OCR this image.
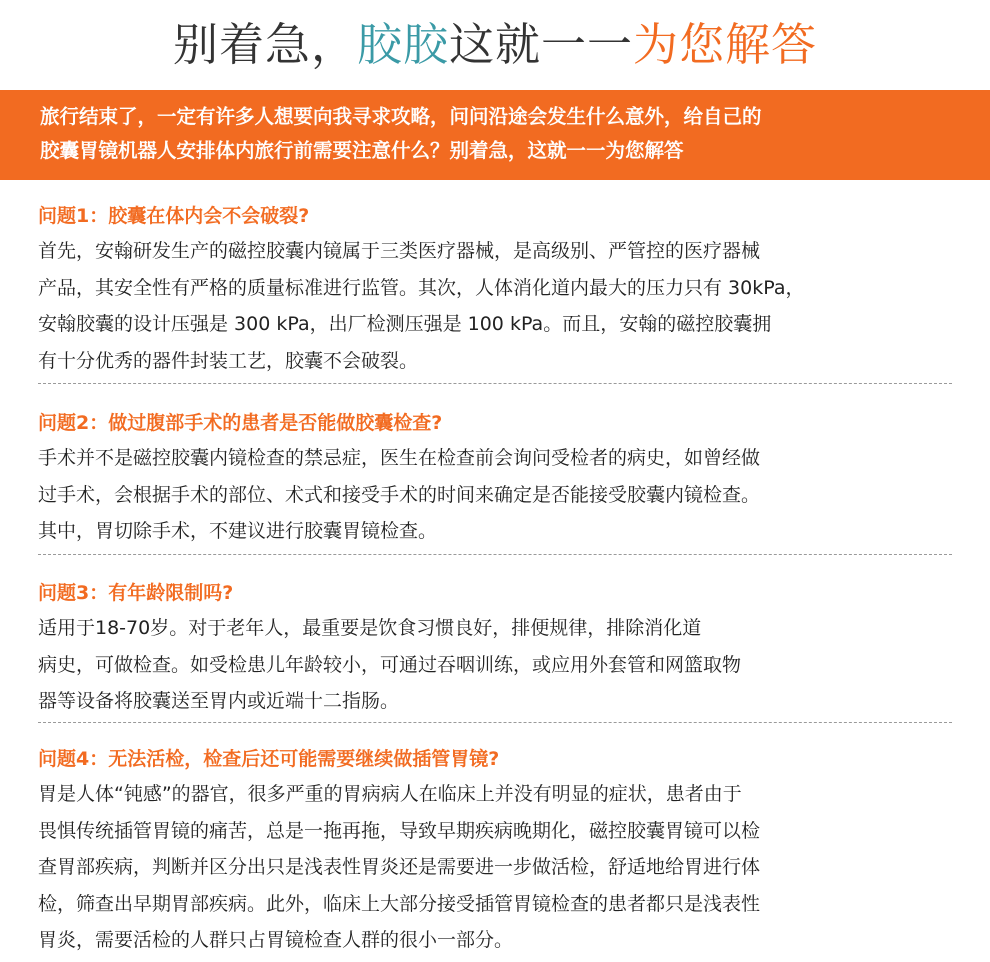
别着急，胶胶这就一一为您解答

旅行结束了，一定有许多人想要向我寻求攻略，问问沿途会发生什么意外，给自己的

胶囊胃镜机器人安排体内旅行前需要注意什么？别着急，这就一一为您解答

问题1：胶囊在体内会不会破裂?

首先，安翰研发生产的磁控胶囊内镜属于三类医疗器械，是高级别、严管控的医疗器械

产品，其安全性有严格的质量标准进行监管。其次，人体消化道内最大的压力只有 30kPa，

安翰胶囊的设计压强是 300 kPa，出厂检测压强是 100 kPa。而且，安翰的磁控胶囊拥

有十分优秀的器件封装工艺，胶囊不会破裂。

问题2：做过腹部手术的患者是否能做胶囊检查?

手术并不是磁控胶囊内镜检查的禁忌症，医生在检查前会询问受检者的病史，如曾经做

过手术，会根据手术的部位、术式和接受手术的时间来确定是否能接受胶囊内镜检查。

其中，胃切除手术，不建议进行胶囊胃镜检查。

问题3：有年龄限制吗?

适用于18-70岁。对于老年人，最重要是饮食习惯良好，排便规律，排除消化道

病史，可做检查。如受检患儿年龄较小，可通过吞咽训练，或应用外套管和网篮取物

器等设备将胶囊送至胃内或近端十二指肠。

问题4：无法活检，检查后还可能需要继续做插管胃镜?

胃是人体“钝感”的器官，很多严重的胃病病人在临床上并没有明显的症状，患者由于

畏惧传统插管胃镜的痛苦，总是一拖再拖，导致早期疾病晚期化，磁控胶囊胃镜可以检

查胃部疾病，判断并区分出只是浅表性胃炎还是需要进一步做活检，舒适地给胃进行体

检，筛查出早期胃部疾病。此外，临床上大部分接受插管胃镜检查的患者都只是浅表性

胃炎，需要活检的人群只占胃镜检查人群的很小一部分。
